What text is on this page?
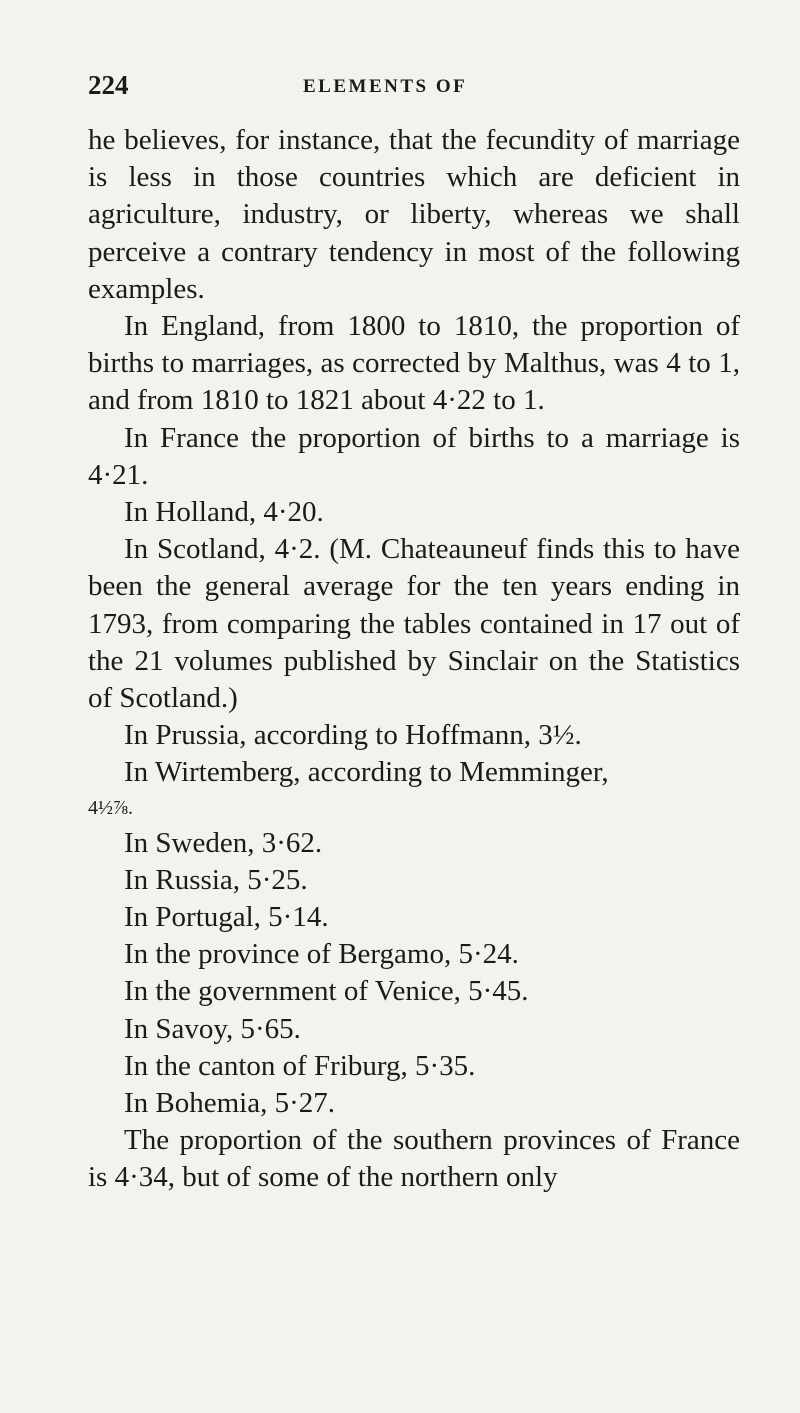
224	ELEMENTS OF

he believes, for instance, that the fecundity of marriage is less in those countries which are deficient in agriculture, industry, or liberty, whereas we shall perceive a contrary tendency in most of the following examples.

In England, from 1800 to 1810, the proportion of births to marriages, as corrected by Malthus, was 4 to 1, and from 1810 to 1821 about 4·22 to 1.

In France the proportion of births to a marriage is 4·21.

In Holland, 4·20.

In Scotland, 4·2. (M. Chateauneuf finds this to have been the general average for the ten years ending in 1793, from comparing the tables contained in 17 out of the 21 volumes published by Sinclair on the Statistics of Scotland.)

In Prussia, according to Hoffmann, 3½.

In Wirtemberg, according to Memminger,

4½⅞.

In Sweden, 3·62.

In Russia, 5·25.

In Portugal, 5·14.

In the province of Bergamo, 5·24.

In the government of Venice, 5·45.

In Savoy, 5·65.

In the canton of Friburg, 5·35.

In Bohemia, 5·27.

The proportion of the southern provinces of France is 4·34, but of some of the northern only
